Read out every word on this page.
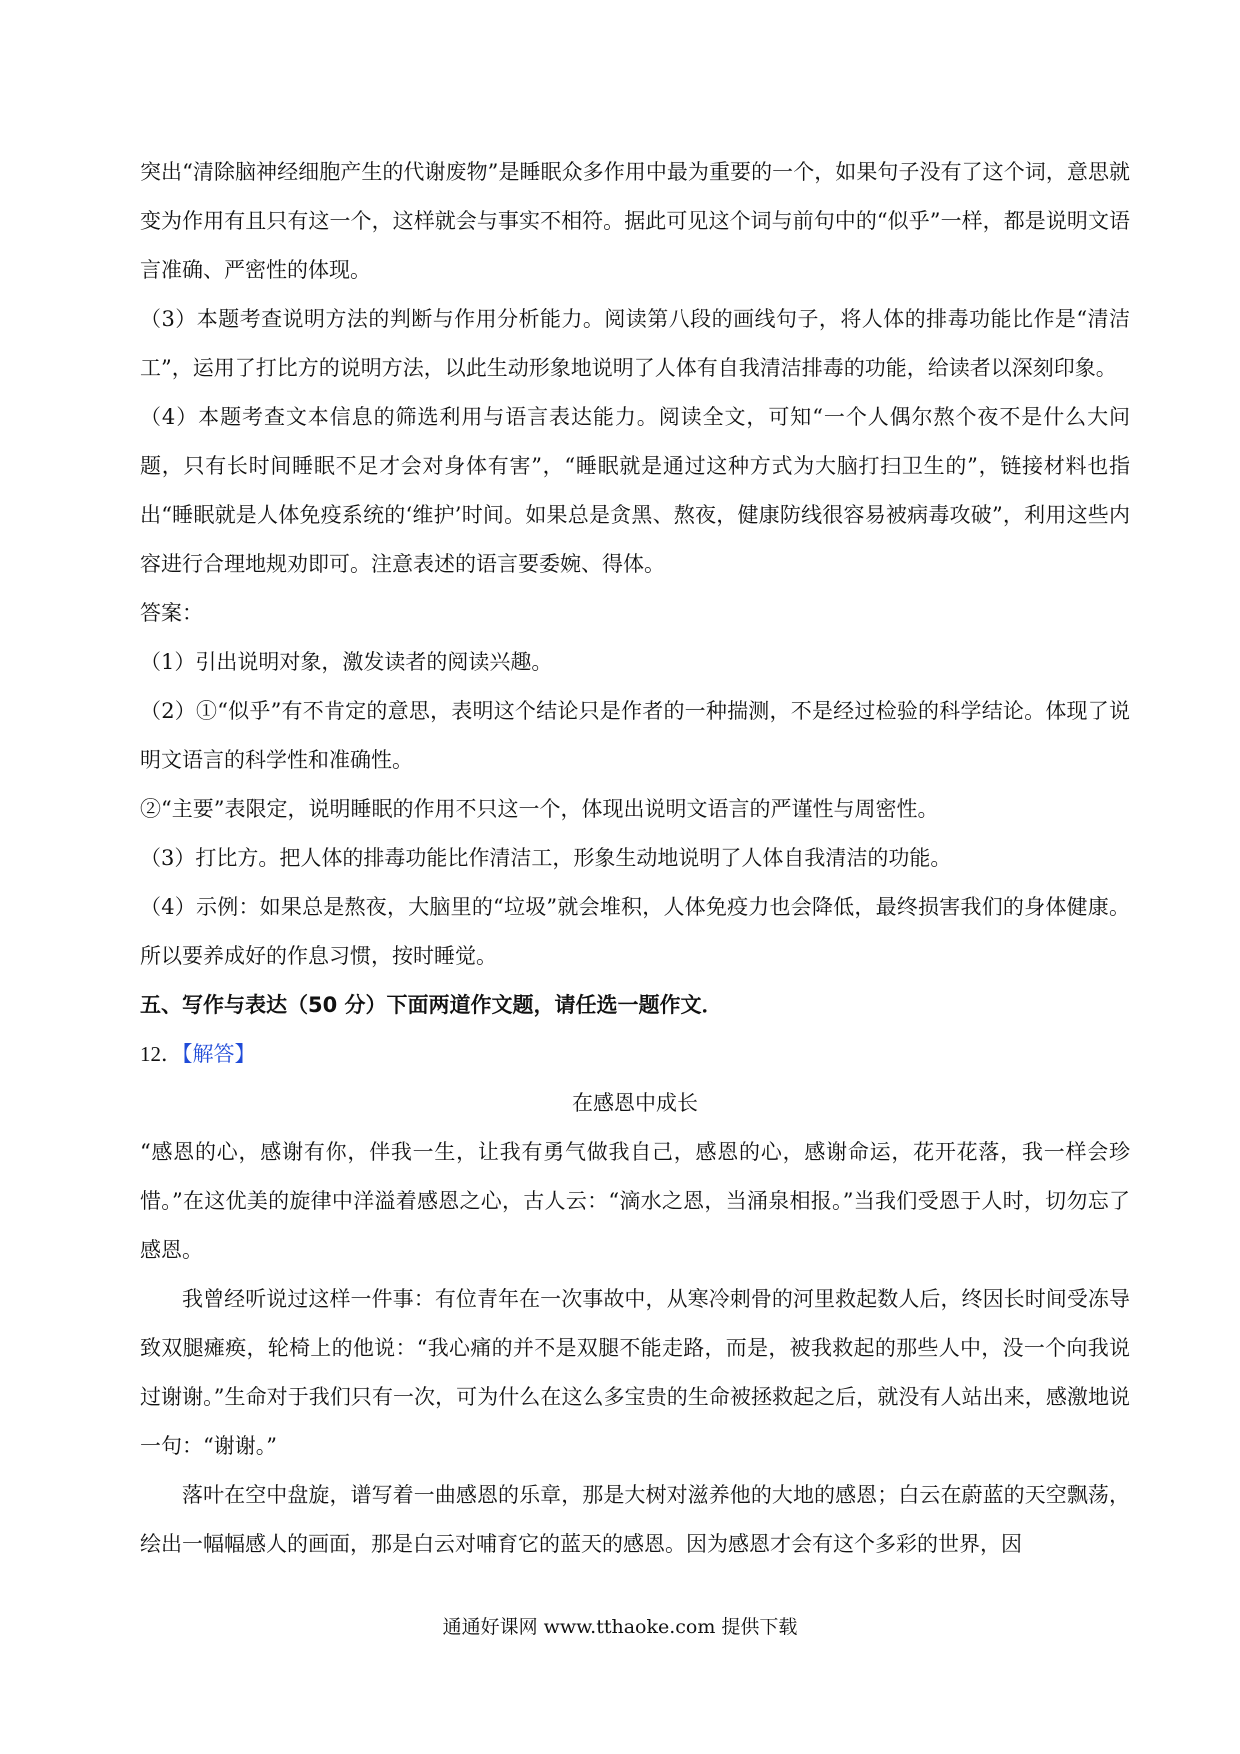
突出“清除脑神经细胞产生的代谢废物”是睡眠众多作用中最为重要的一个，如果句子没有了这个词，意思就变为作用有且只有这一个，这样就会与事实不相符。据此可见这个词与前句中的“似乎”一样，都是说明文语言准确、严密性的体现。

（3）本题考查说明方法的判断与作用分析能力。阅读第八段的画线句子，将人体的排毒功能比作是“清洁工”，运用了打比方的说明方法，以此生动形象地说明了人体有自我清洁排毒的功能，给读者以深刻印象。

（4）本题考查文本信息的筛选利用与语言表达能力。阅读全文，可知“一个人偶尔熬个夜不是什么大问题，只有长时间睡眠不足才会对身体有害”，“睡眠就是通过这种方式为大脑打扫卫生的”，链接材料也指出“睡眠就是人体免疫系统的‘维护’时间。如果总是贪黑、熬夜，健康防线很容易被病毒攻破”，利用这些内容进行合理地规劝即可。注意表述的语言要委婉、得体。

答案：

（1）引出说明对象，激发读者的阅读兴趣。

（2）①“似乎”有不肯定的意思，表明这个结论只是作者的一种揣测，不是经过检验的科学结论。体现了说明文语言的科学性和准确性。

②“主要”表限定，说明睡眠的作用不只这一个，体现出说明文语言的严谨性与周密性。

（3）打比方。把人体的排毒功能比作清洁工，形象生动地说明了人体自我清洁的功能。

（4）示例：如果总是熬夜，大脑里的“垃圾”就会堆积，人体免疫力也会降低，最终损害我们的身体健康。所以要养成好的作息习惯，按时睡觉。

五、写作与表达（50 分）下面两道作文题，请任选一题作文．

12．【解答】

在感恩中成长

“感恩的心，感谢有你，伴我一生，让我有勇气做我自己，感恩的心，感谢命运，花开花落，我一样会珍惜。”在这优美的旋律中洋溢着感恩之心，古人云：“滴水之恩，当涌泉相报。”当我们受恩于人时，切勿忘了感恩。

我曾经听说过这样一件事：有位青年在一次事故中，从寒冷刺骨的河里救起数人后，终因长时间受冻导致双腿瘫痪，轮椅上的他说：“我心痛的并不是双腿不能走路，而是，被我救起的那些人中，没一个向我说过谢谢。”生命对于我们只有一次，可为什么在这么多宝贵的生命被拯救起之后，就没有人站出来，感激地说一句：“谢谢。”

落叶在空中盘旋，谱写着一曲感恩的乐章，那是大树对滋养他的大地的感恩；白云在蔚蓝的天空飘荡，绘出一幅幅感人的画面，那是白云对哺育它的蓝天的感恩。因为感恩才会有这个多彩的世界，因

通通好课网 www.tthaoke.com 提供下载
